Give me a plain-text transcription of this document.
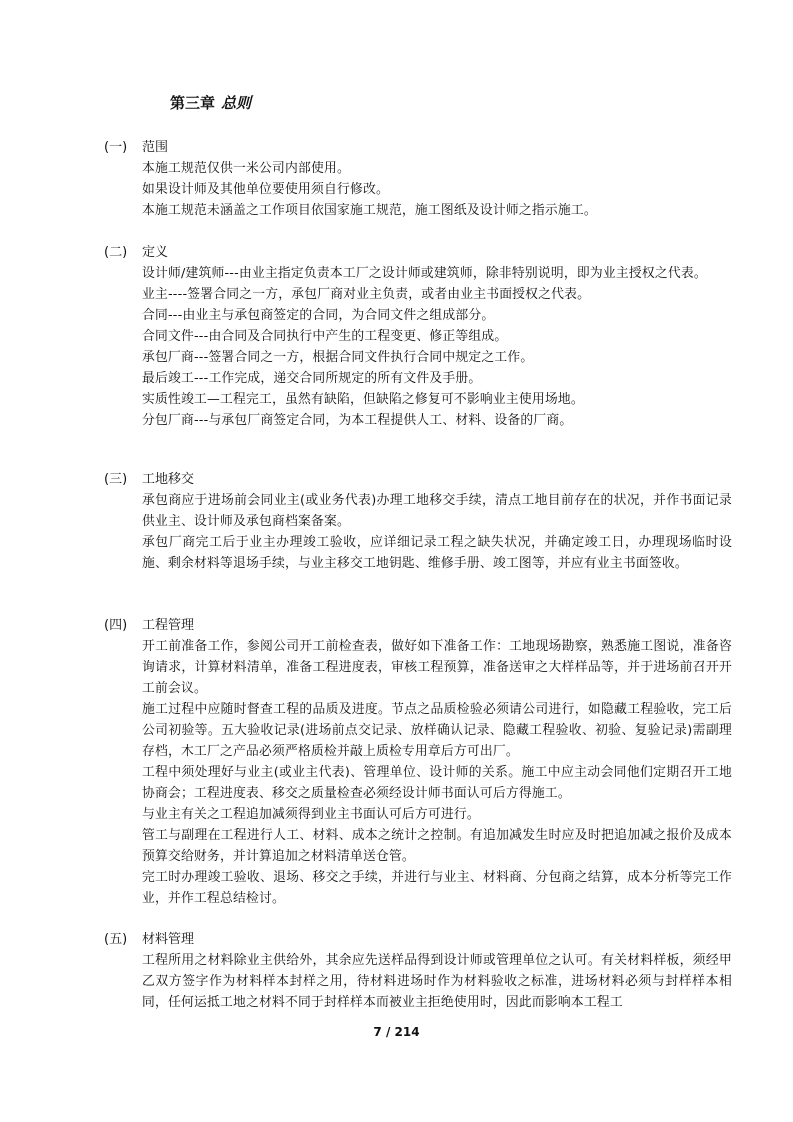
第三章 总则
(一) 范围

本施工规范仅供一米公司内部使用。

如果设计师及其他单位要使用须自行修改。

本施工规范未涵盖之工作项目依国家施工规范，施工图纸及设计师之指示施工。

(二) 定义

设计师/建筑师---由业主指定负责本工厂之设计师或建筑师，除非特别说明，即为业主授权之代表。

业主----签署合同之一方，承包厂商对业主负责，或者由业主书面授权之代表。

合同---由业主与承包商签定的合同，为合同文件之组成部分。

合同文件---由合同及合同执行中产生的工程变更、修正等组成。

承包厂商---签署合同之一方，根据合同文件执行合同中规定之工作。

最后竣工---工作完成，递交合同所规定的所有文件及手册。

实质性竣工—工程完工，虽然有缺陷，但缺陷之修复可不影响业主使用场地。

分包厂商---与承包厂商签定合同，为本工程提供人工、材料、设备的厂商。

(三) 工地移交

承包商应于进场前会同业主(或业务代表)办理工地移交手续，清点工地目前存在的状况，并作书面记录供业主、设计师及承包商档案备案。

承包厂商完工后于业主办理竣工验收，应详细记录工程之缺失状况，并确定竣工日，办理现场临时设施、剩余材料等退场手续，与业主移交工地钥匙、维修手册、竣工图等，并应有业主书面签收。

(四) 工程管理

开工前准备工作，参阅公司开工前检查表，做好如下准备工作：工地现场勘察，熟悉施工图说，准备咨询请求，计算材料清单，准备工程进度表，审核工程预算，准备送审之大样样品等，并于进场前召开开工前会议。

施工过程中应随时督查工程的品质及进度。节点之品质检验必须请公司进行，如隐藏工程验收，完工后公司初验等。五大验收记录(进场前点交记录、放样确认记录、隐藏工程验收、初验、复验记录)需副理存档，木工厂之产品必须严格质检并敲上质检专用章后方可出厂。

工程中须处理好与业主(或业主代表)、管理单位、设计师的关系。施工中应主动会同他们定期召开工地协商会；工程进度表、移交之质量检查必须经设计师书面认可后方得施工。

与业主有关之工程追加减须得到业主书面认可后方可进行。

管工与副理在工程进行人工、材料、成本之统计之控制。有追加减发生时应及时把追加减之报价及成本预算交给财务，并计算追加之材料清单送仓管。

完工时办理竣工验收、退场、移交之手续，并进行与业主、材料商、分包商之结算，成本分析等完工作业，并作工程总结检讨。

(五) 材料管理

工程所用之材料除业主供给外，其余应先送样品得到设计师或管理单位之认可。有关材料样板，须经甲乙双方签字作为材料样本封样之用，待材料进场时作为材料验收之标准，进场材料必须与封样样本相同，任何运抵工地之材料不同于封样样本而被业主拒绝使用时，因此而影响本工程工

7 / 214
